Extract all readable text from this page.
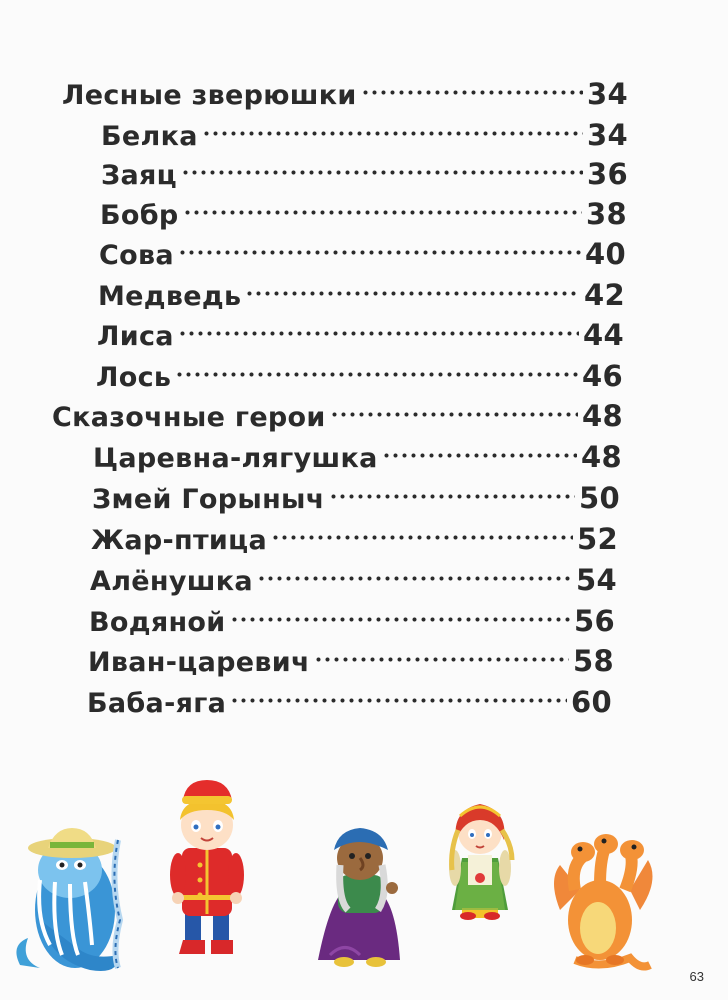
Лесные зверюшки	34
Белка	34
Заяц	36
Бобр	38
Сова	40
Медведь	42
Лиса	44
Лось	46
Сказочные герои	48
Царевна-лягушка	48
Змей Горыныч	50
Жар-птица	52
Алёнушка	54
Водяной	56
Иван-царевич	58
Баба-яга	60
63
